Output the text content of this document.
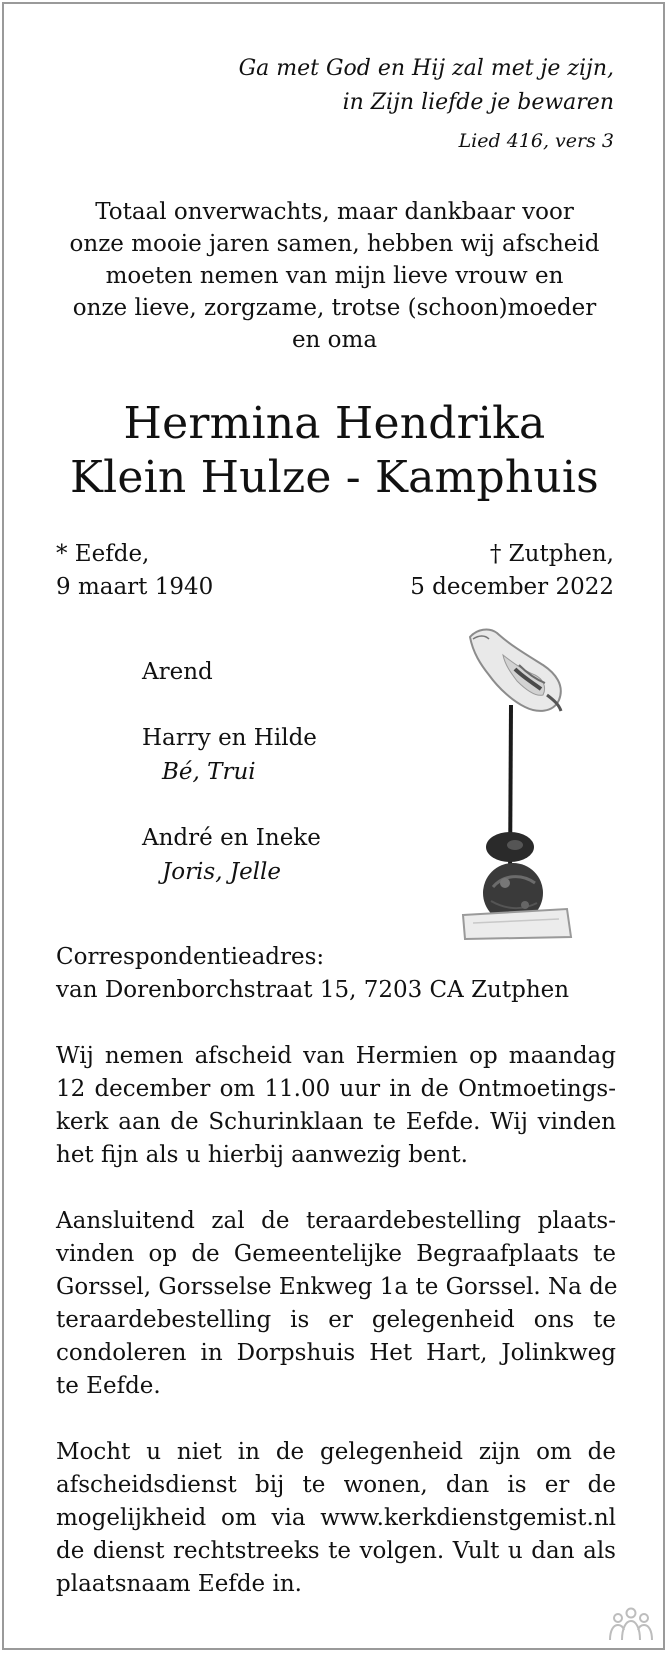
Ga met God en Hij zal met je zijn,
in Zijn liefde je bewaren
Lied 416, vers 3
Totaal onverwachts, maar dankbaar voor
onze mooie jaren samen, hebben wij afscheid
moeten nemen van mijn lieve vrouw en
onze lieve, zorgzame, trotse (schoon)moeder
en oma
Hermina Hendrika
Klein Hulze - Kamphuis
* Eefde,
9 maart 1940
† Zutphen,
5 december 2022
Arend
Harry en Hilde
Bé, Trui
André en Ineke
Joris, Jelle
Correspondentieadres:
van Dorenborchstraat 15, 7203 CA Zutphen
Wij nemen afscheid van Hermien op maandag
12 december om 11.00 uur in de Ontmoetings-
kerk aan de Schurinklaan te Eefde. Wij vinden
het fijn als u hierbij aanwezig bent.
Aansluitend zal de teraardebestelling plaats-
vinden op de Gemeentelijke Begraafplaats te
Gorssel, Gorsselse Enkweg 1a te Gorssel. Na de
teraardebestelling is er gelegenheid ons te
condoleren in Dorpshuis Het Hart, Jolinkweg
te Eefde.
Mocht u niet in de gelegenheid zijn om de
afscheidsdienst bij te wonen, dan is er de
mogelijkheid om via www.kerkdienstgemist.nl
de dienst rechtstreeks te volgen. Vult u dan als
plaatsnaam Eefde in.
